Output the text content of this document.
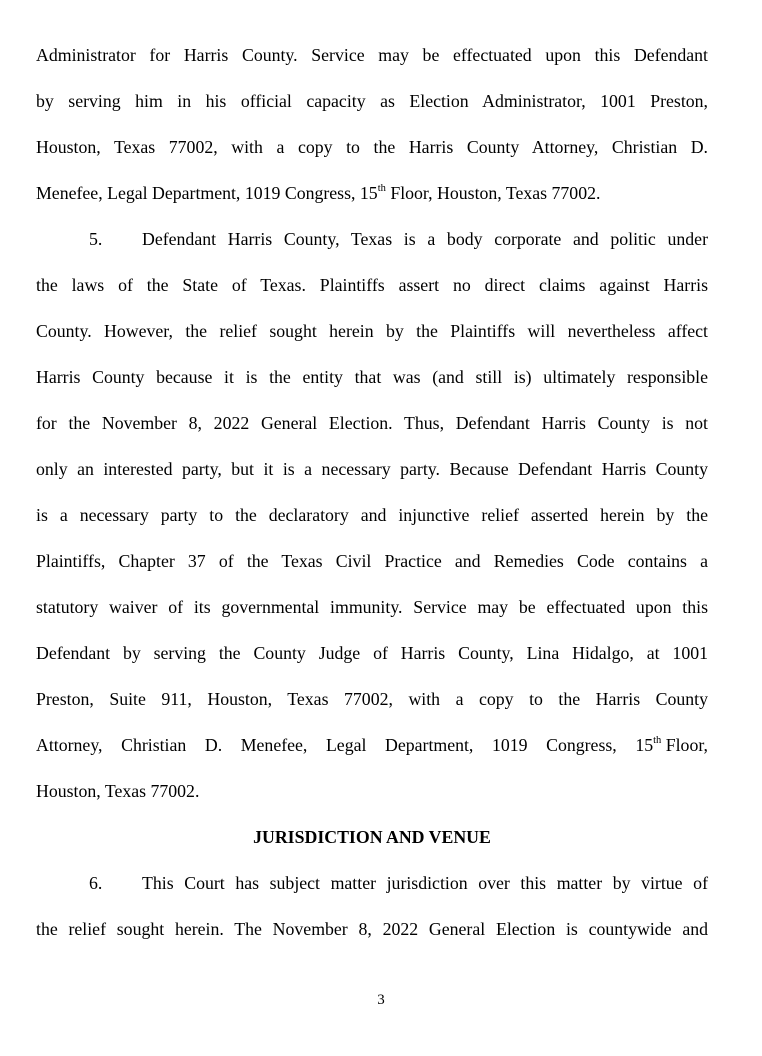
Administrator for Harris County. Service may be effectuated upon this Defendant
by serving him in his official capacity as Election Administrator, 1001 Preston,
Houston, Texas 77002, with a copy to the Harris County Attorney, Christian D.
Menefee, Legal Department, 1019 Congress, 15th Floor, Houston, Texas 77002.
5.	Defendant Harris County, Texas is a body corporate and politic under
the laws of the State of Texas. Plaintiffs assert no direct claims against Harris
County. However, the relief sought herein by the Plaintiffs will nevertheless affect
Harris County because it is the entity that was (and still is) ultimately responsible
for the November 8, 2022 General Election. Thus, Defendant Harris County is not
only an interested party, but it is a necessary party. Because Defendant Harris County
is a necessary party to the declaratory and injunctive relief asserted herein by the
Plaintiffs, Chapter 37 of the Texas Civil Practice and Remedies Code contains a
statutory waiver of its governmental immunity. Service may be effectuated upon this
Defendant by serving the County Judge of Harris County, Lina Hidalgo, at 1001
Preston, Suite 911, Houston, Texas 77002, with a copy to the Harris County
Attorney, Christian D. Menefee, Legal Department, 1019 Congress, 15 $^{th}$ Floor,
Houston, Texas 77002.
JURISDICTION AND VENUE
6.	This Court has subject matter jurisdiction over this matter by virtue of
the relief sought herein. The November 8, 2022 General Election is countywide and
3
